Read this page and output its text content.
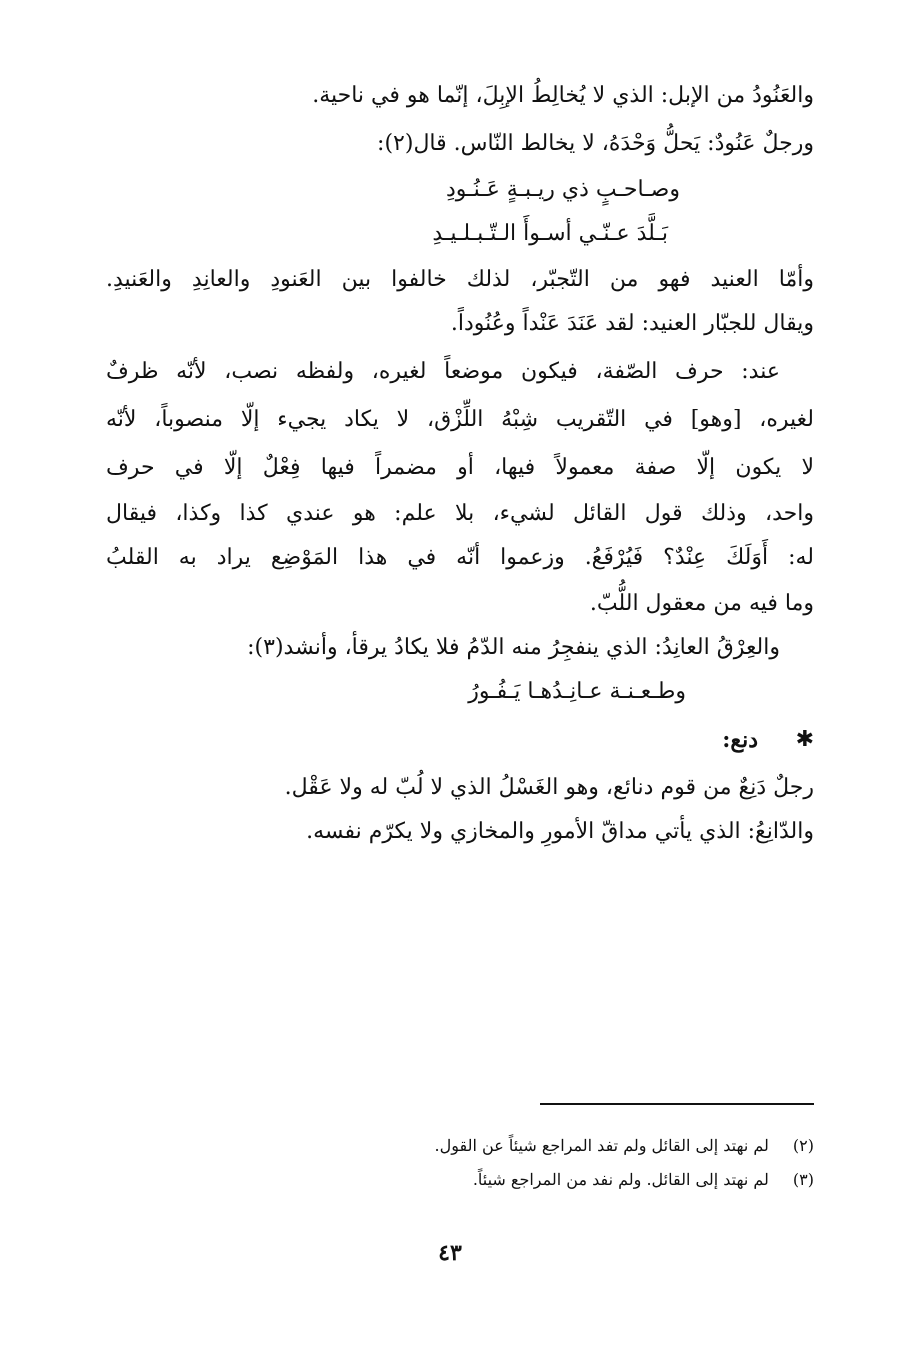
والعَنُودُ من الإبل: الذي لا يُخالِطُ الإبِلَ، إنّما هو في ناحية.
ورجلٌ عَنُودٌ: يَحلُّ وَحْدَهُ، لا يخالط النّاس. قال(٢):
وصـاحـبٍ ذي ريـبـةٍ عَـنُـودِ
بَـلَّدَ عـنّـي أسـوأَ الـتّـبـلـيـدِ
وأمّا العنيد فهو من التّجبّر، لذلك خالفوا بين العَنودِ والعانِدِ والعَنيدِ.
ويقال للجبّار العنيد: لقد عَنَدَ عَنْداً وعُنُوداً.
عند: حرف الصّفة، فيكون موضعاً لغيره، ولفظه نصب، لأنّه ظرفٌ
لغيره، [وهو] في التّقريب شِبْهُ اللِّزْق، لا يكاد يجيء إلّا منصوباً، لأنّه
لا يكون إلّا صفة معمولاً فيها، أو مضمراً فيها فِعْلٌ إلّا في حرف
واحد، وذلك قول القائل لشيء، بلا علم: هو عندي كذا وكذا، فيقال
له: أَوَلَكَ عِنْدٌ؟ فَيُرْفَعُ. وزعموا أنّه في هذا المَوْضِع يراد به القلبُ
وما فيه من معقول اللُّبّ.
والعِرْقُ العانِدُ: الذي ينفجِرُ منه الدّمُ فلا يكادُ يرقأ، وأنشد(٣):
وطـعـنـة عـانِـدُهـا يَـفُـورُ
✱
دنع:
رجلٌ دَنِعٌ من قوم دنائع، وهو الغَسْلُ الذي لا لُبّ له ولا عَقْل.
والدّانِعُ: الذي يأتي مداقّ الأمورِ والمخازي ولا يكرّم نفسه.
(٢) لم نهتد إلى القائل ولم تفد المراجع شيئاً عن القول.
(٣) لم نهتد إلى القائل. ولم نفد من المراجع شيئاً.
٤٣
